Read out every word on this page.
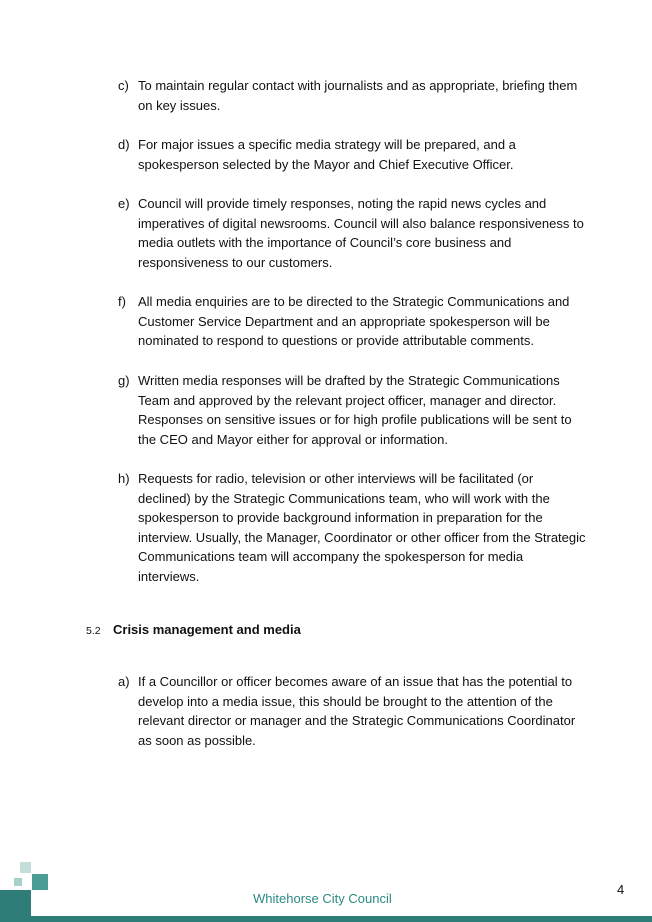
c) To maintain regular contact with journalists and as appropriate, briefing them on key issues.
d) For major issues a specific media strategy will be prepared, and a spokesperson selected by the Mayor and Chief Executive Officer.
e) Council will provide timely responses, noting the rapid news cycles and imperatives of digital newsrooms. Council will also balance responsiveness to media outlets with the importance of Council’s core business and responsiveness to our customers.
f) All media enquiries are to be directed to the Strategic Communications and Customer Service Department and an appropriate spokesperson will be nominated to respond to questions or provide attributable comments.
g) Written media responses will be drafted by the Strategic Communications Team and approved by the relevant project officer, manager and director. Responses on sensitive issues or for high profile publications will be sent to the CEO and Mayor either for approval or information.
h) Requests for radio, television or other interviews will be facilitated (or declined) by the Strategic Communications team, who will work with the spokesperson to provide background information in preparation for the interview. Usually, the Manager, Coordinator or other officer from the Strategic Communications team will accompany the spokesperson for media interviews.
5.2 Crisis management and media
a) If a Councillor or officer becomes aware of an issue that has the potential to develop into a media issue, this should be brought to the attention of the relevant director or manager and the Strategic Communications Coordinator as soon as possible.
Whitehorse City Council
4
